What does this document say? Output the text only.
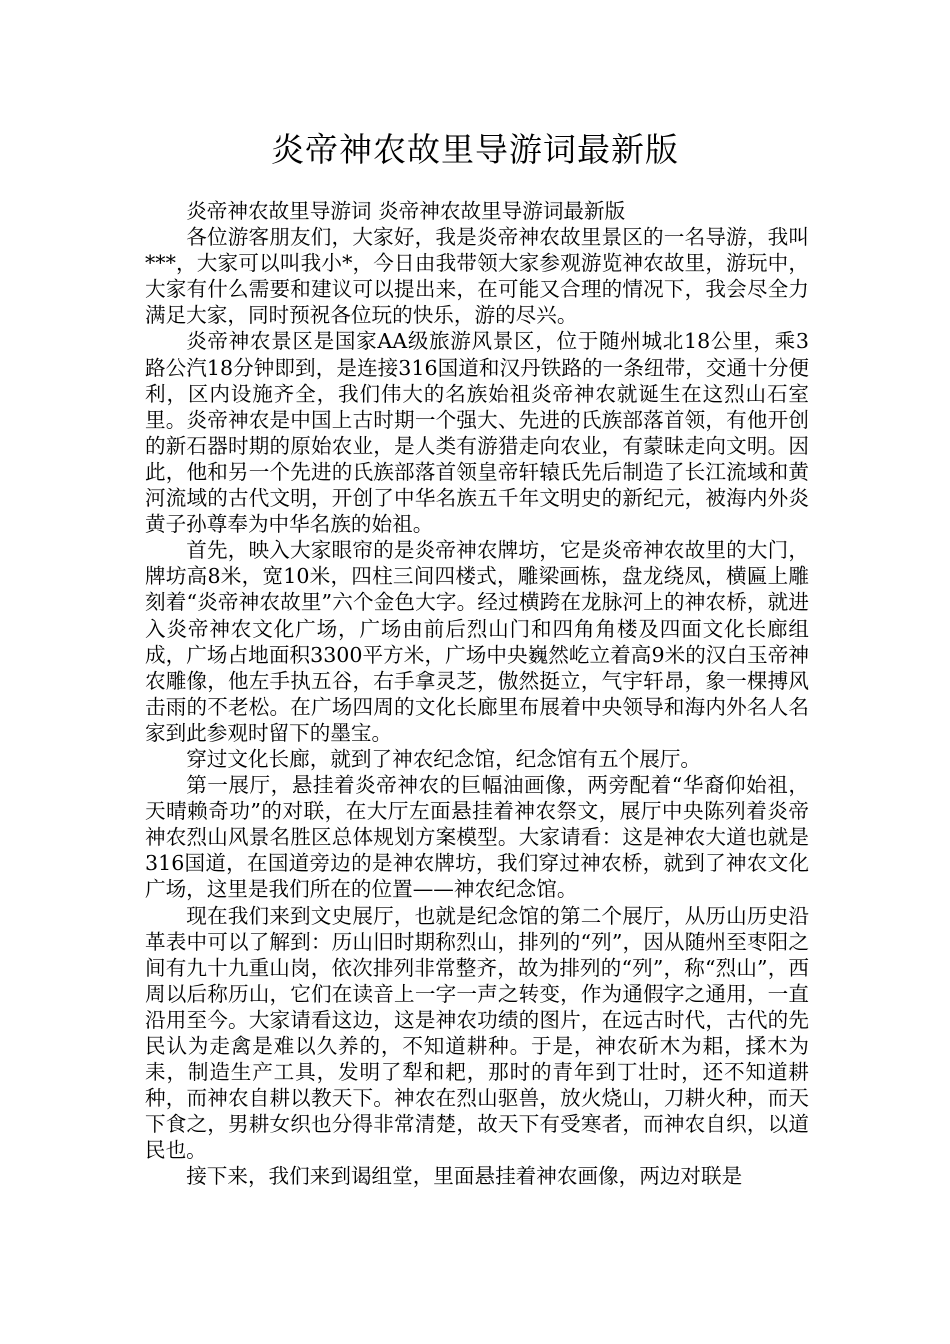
炎帝神农故里导游词最新版

炎帝神农故里导游词 炎帝神农故里导游词最新版

各位游客朋友们，大家好，我是炎帝神农故里景区的一名导游，我叫***，大家可以叫我小*，今日由我带领大家参观游览神农故里，游玩中，大家有什么需要和建议可以提出来，在可能又合理的情况下，我会尽全力满足大家，同时预祝各位玩的快乐，游的尽兴。

炎帝神农景区是国家AA级旅游风景区，位于随州城北18公里，乘3路公汽18分钟即到，是连接316国道和汉丹铁路的一条纽带，交通十分便利，区内设施齐全，我们伟大的名族始祖炎帝神农就诞生在这烈山石室里。炎帝神农是中国上古时期一个强大、先进的氏族部落首领，有他开创的新石器时期的原始农业，是人类有游猎走向农业，有蒙昧走向文明。因此，他和另一个先进的氏族部落首领皇帝轩辕氏先后制造了长江流域和黄河流域的古代文明，开创了中华名族五千年文明史的新纪元，被海内外炎黄子孙尊奉为中华名族的始祖。

首先，映入大家眼帘的是炎帝神农牌坊，它是炎帝神农故里的大门，牌坊高8米，宽10米，四柱三间四楼式，雕梁画栋，盘龙绕凤，横匾上雕刻着“炎帝神农故里”六个金色大字。经过横跨在龙脉河上的神农桥，就进入炎帝神农文化广场，广场由前后烈山门和四角角楼及四面文化长廊组成，广场占地面积3300平方米，广场中央巍然屹立着高9米的汉白玉帝神农雕像，他左手执五谷，右手拿灵芝，傲然挺立，气宇轩昂，象一棵搏风击雨的不老松。在广场四周的文化长廊里布展着中央领导和海内外名人名家到此参观时留下的墨宝。

穿过文化长廊，就到了神农纪念馆，纪念馆有五个展厅。

第一展厅，悬挂着炎帝神农的巨幅油画像，两旁配着“华裔仰始祖，天晴赖奇功”的对联，在大厅左面悬挂着神农祭文，展厅中央陈列着炎帝神农烈山风景名胜区总体规划方案模型。大家请看：这是神农大道也就是316国道，在国道旁边的是神农牌坊，我们穿过神农桥，就到了神农文化广场，这里是我们所在的位置——神农纪念馆。

现在我们来到文史展厅，也就是纪念馆的第二个展厅，从历山历史沿革表中可以了解到：历山旧时期称烈山，排列的“列”，因从随州至枣阳之间有九十九重山岗，依次排列非常整齐，故为排列的“列”，称“烈山”，西周以后称历山，它们在读音上一字一声之转变，作为通假字之通用，一直沿用至今。大家请看这边，这是神农功绩的图片，在远古时代，古代的先民认为走禽是难以久养的，不知道耕种。于是，神农斫木为耜，揉木为耒，制造生产工具，发明了犁和耙，那时的青年到丁壮时，还不知道耕种，而神农自耕以教天下。神农在烈山驱兽，放火烧山，刀耕火种，而天下食之，男耕女织也分得非常清楚，故天下有受寒者，而神农自织，以道民也。

接下来，我们来到谒组堂，里面悬挂着神农画像，两边对联是
